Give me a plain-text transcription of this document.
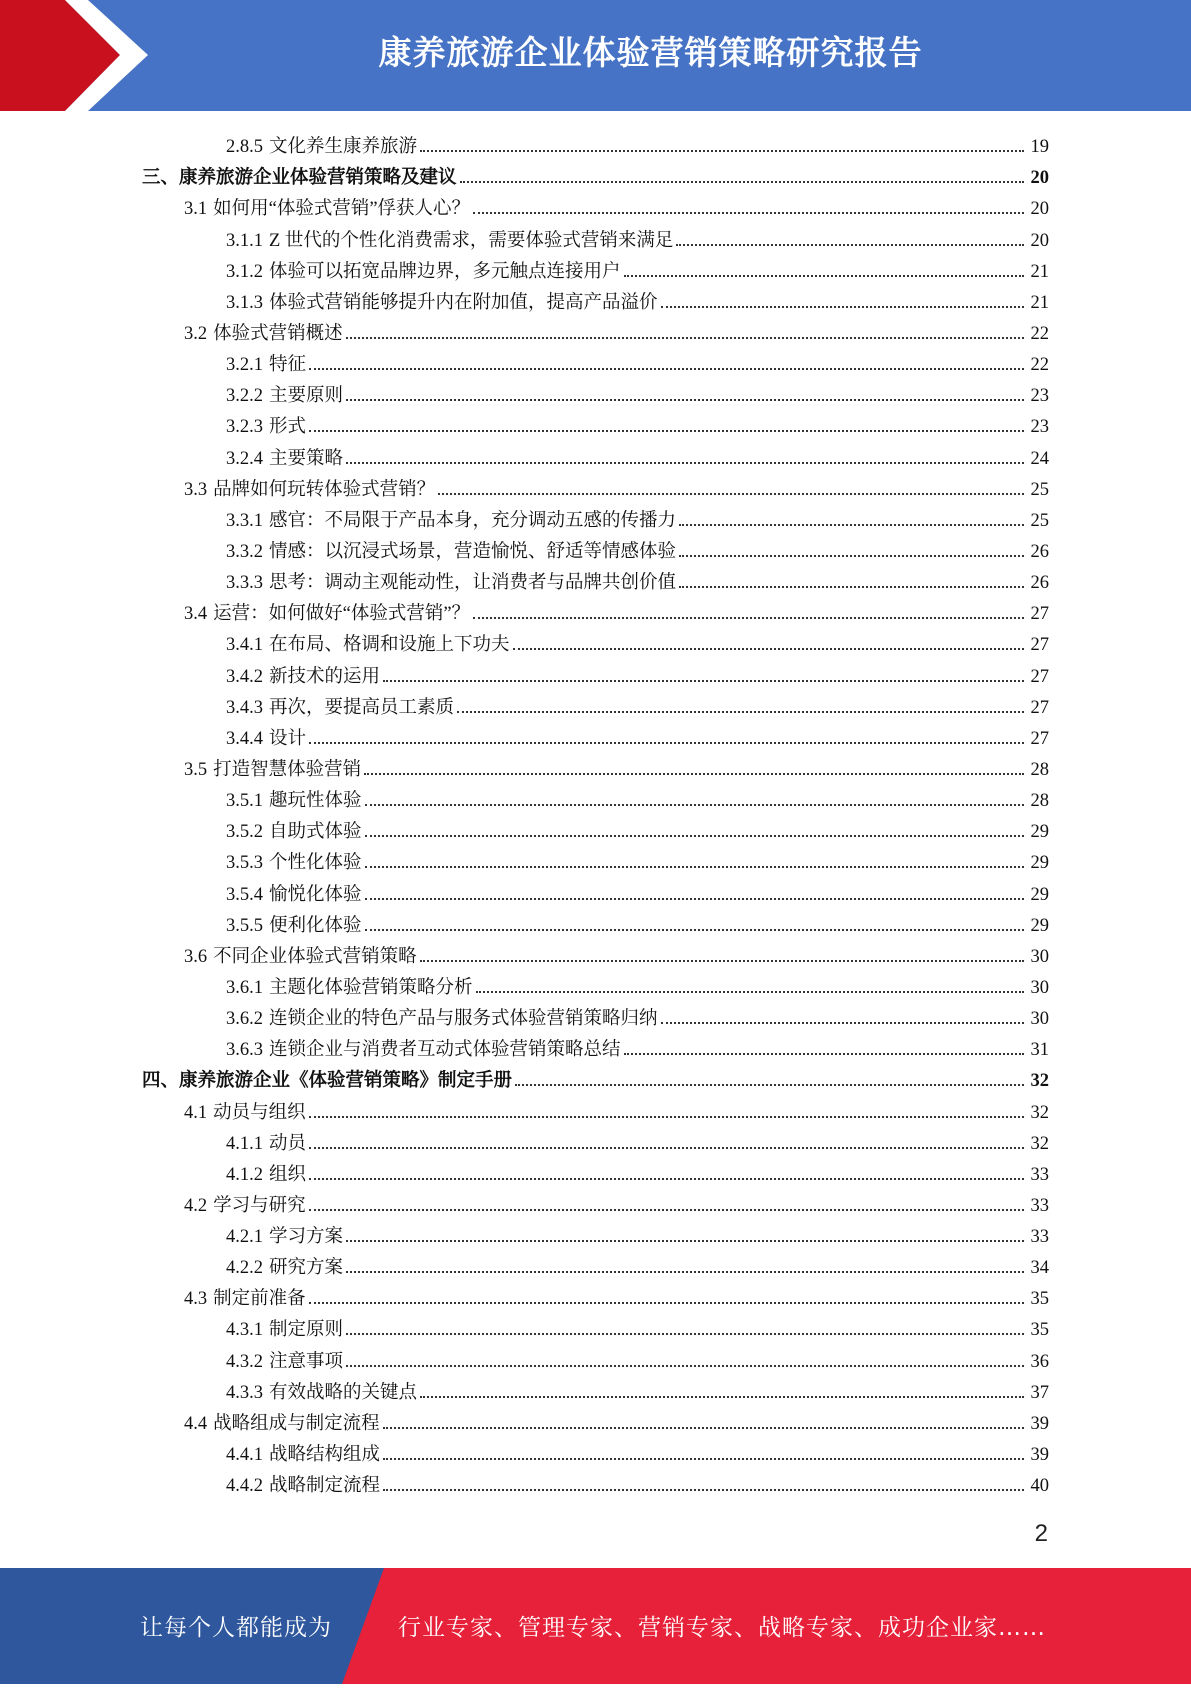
康养旅游企业体验营销策略研究报告
2.8.5 文化养生康养旅游	19
三、康养旅游企业体验营销策略及建议	20
3.1 如何用“体验式营销”俘获人心？	20
3.1.1 Z 世代的个性化消费需求，需要体验式营销来满足	20
3.1.2 体验可以拓宽品牌边界，多元触点连接用户	21
3.1.3 体验式营销能够提升内在附加值，提高产品溢价	21
3.2 体验式营销概述	22
3.2.1 特征	22
3.2.2 主要原则	23
3.2.3 形式	23
3.2.4 主要策略	24
3.3 品牌如何玩转体验式营销？	25
3.3.1 感官：不局限于产品本身，充分调动五感的传播力	25
3.3.2 情感：以沉浸式场景，营造愉悦、舒适等情感体验	26
3.3.3 思考：调动主观能动性，让消费者与品牌共创价值	26
3.4 运营：如何做好“体验式营销”？	27
3.4.1 在布局、格调和设施上下功夫	27
3.4.2 新技术的运用	27
3.4.3 再次，要提高员工素质	27
3.4.4 设计	27
3.5 打造智慧体验营销	28
3.5.1 趣玩性体验	28
3.5.2 自助式体验	29
3.5.3 个性化体验	29
3.5.4 愉悦化体验	29
3.5.5 便利化体验	29
3.6 不同企业体验式营销策略	30
3.6.1 主题化体验营销策略分析	30
3.6.2 连锁企业的特色产品与服务式体验营销策略归纳	30
3.6.3 连锁企业与消费者互动式体验营销策略总结	31
四、康养旅游企业《体验营销策略》制定手册	32
4.1 动员与组织	32
4.1.1 动员	32
4.1.2 组织	33
4.2 学习与研究	33
4.2.1 学习方案	33
4.2.2 研究方案	34
4.3 制定前准备	35
4.3.1 制定原则	35
4.3.2 注意事项	36
4.3.3 有效战略的关键点	37
4.4 战略组成与制定流程	39
4.4.1 战略结构组成	39
4.4.2 战略制定流程	40
2
让每个人都能成为	行业专家、管理专家、营销专家、战略专家、成功企业家……
